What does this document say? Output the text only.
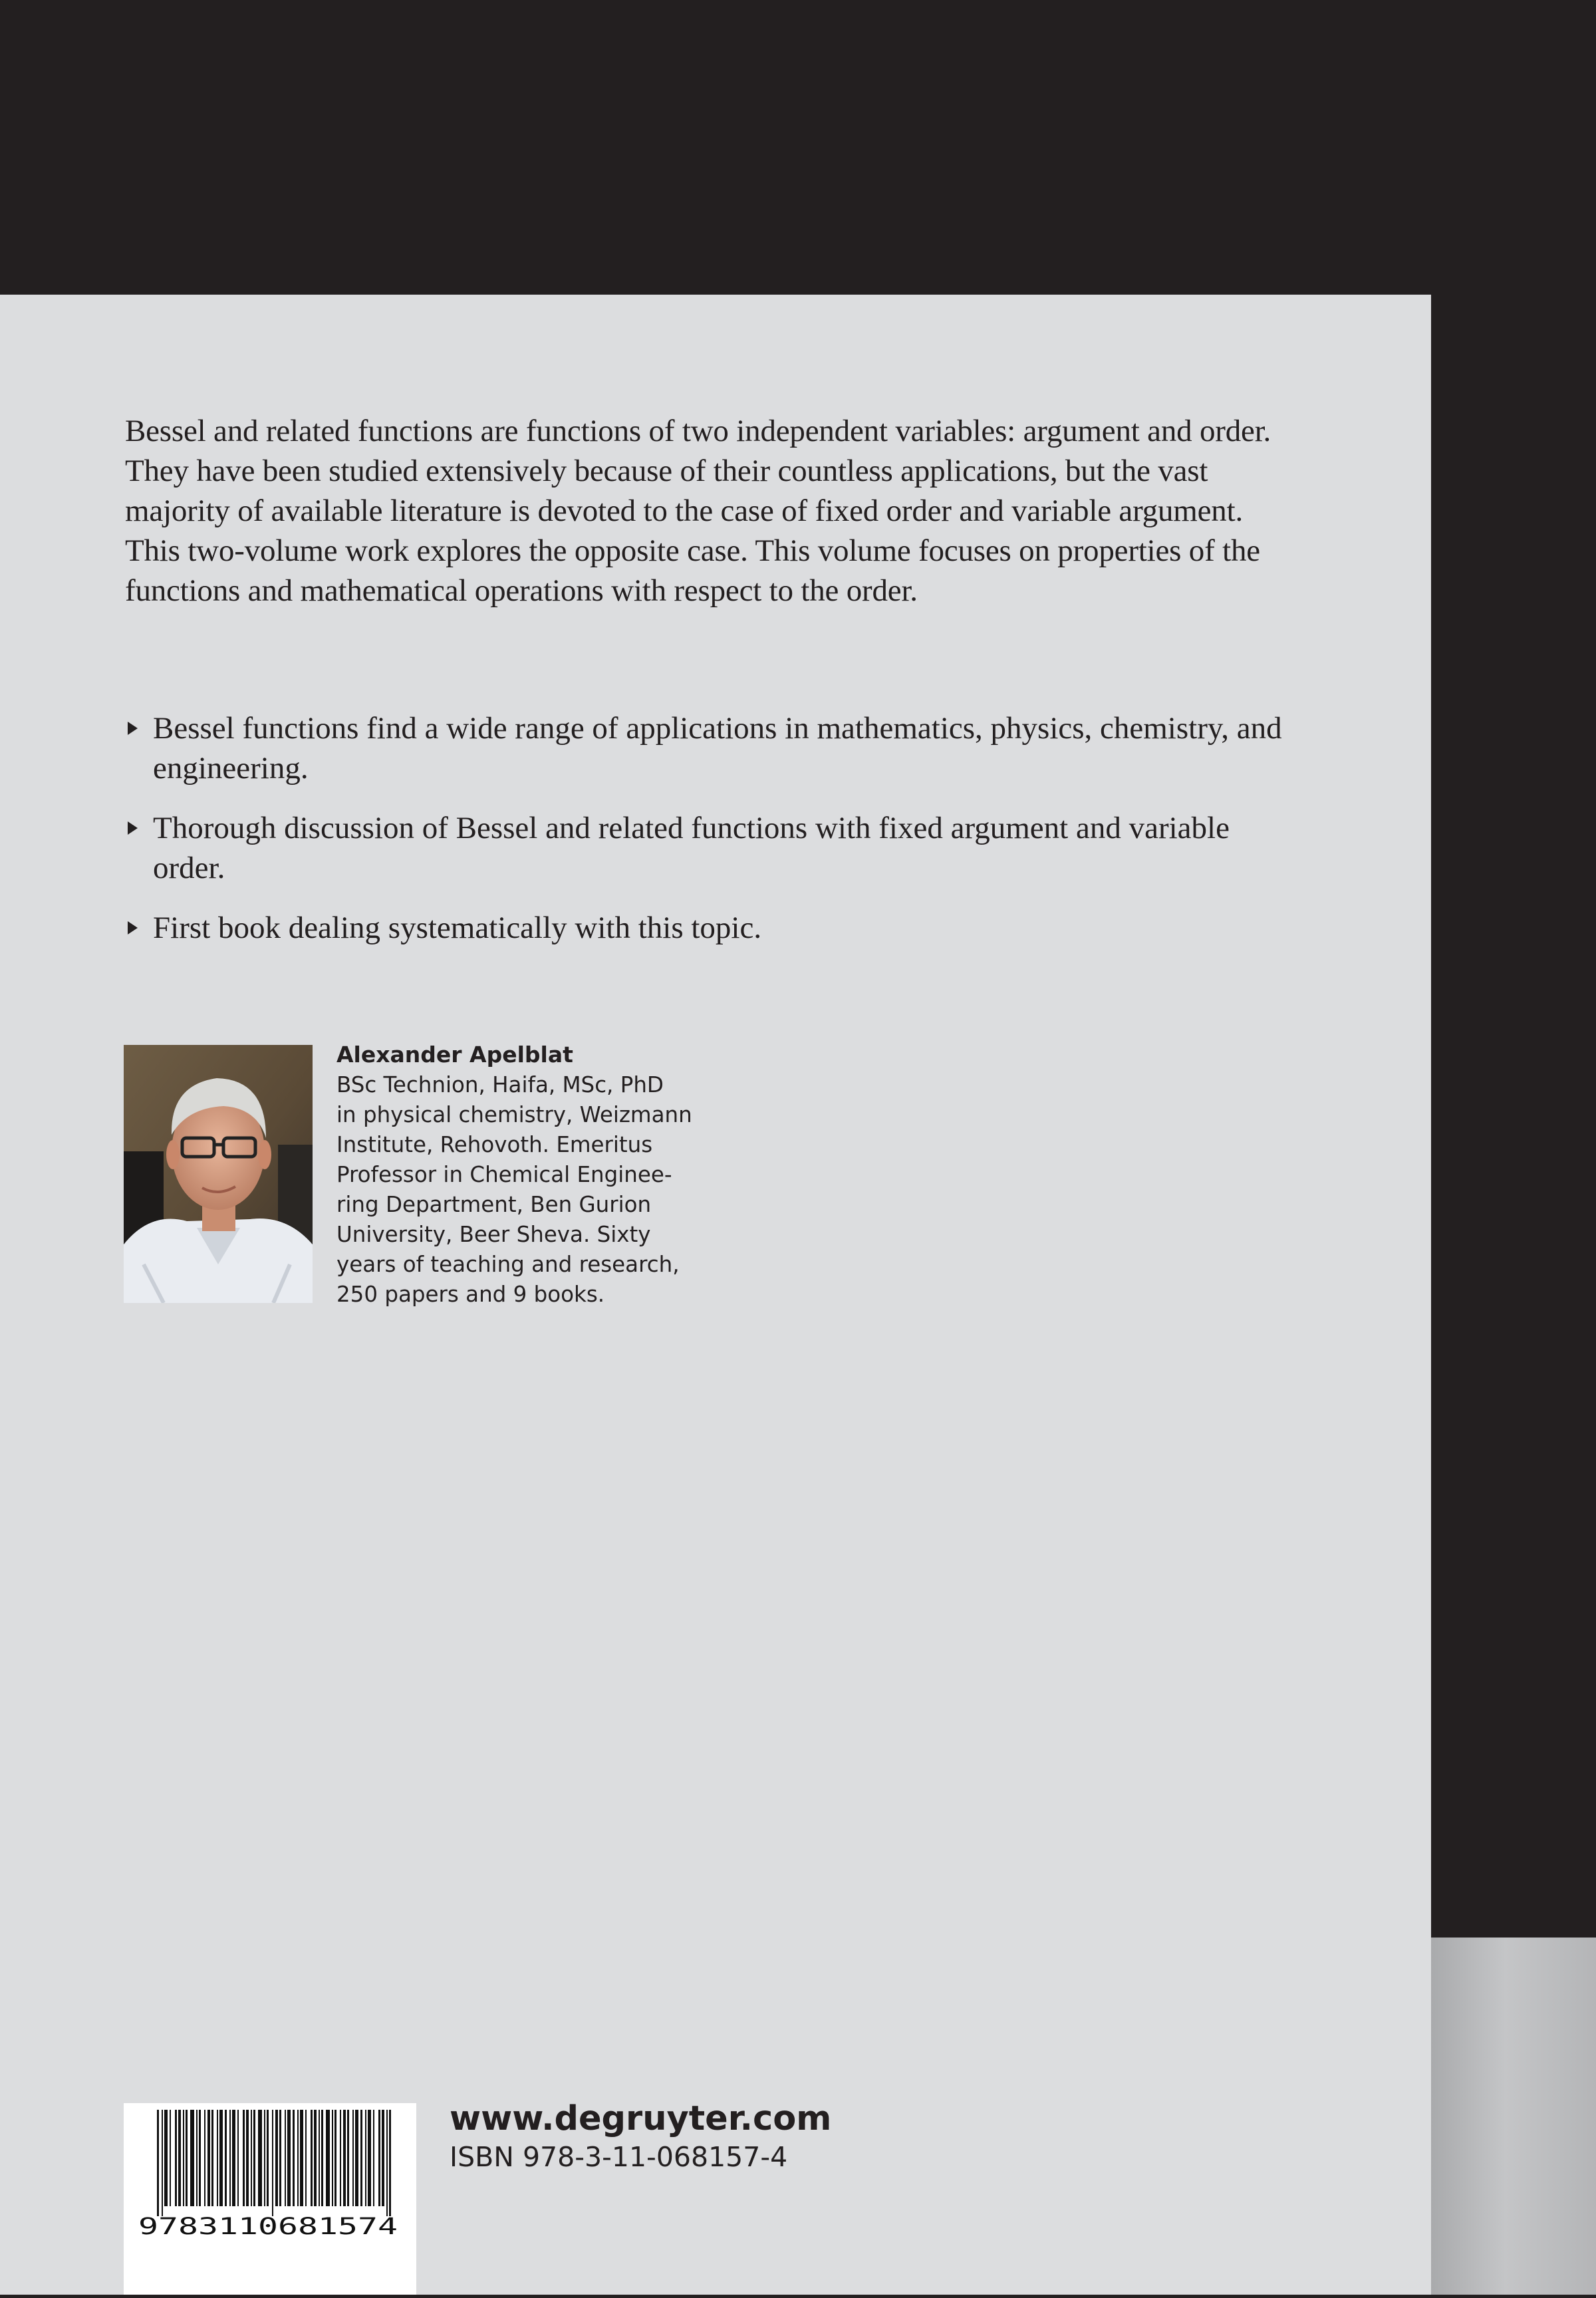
Bessel and related functions are functions of two independent variables: argument and order. They have been studied extensively because of their countless applications, but the vast majority of available literature is devoted to the case of fixed order and variable argument. This two-volume work explores the opposite case. This volume focuses on properties of the functions and mathematical operations with respect to the order.

Bessel functions find a wide range of applications in mathematics, physics, chemistry, and engineering.
Thorough discussion of Bessel and related functions with fixed argument and variable order.
First book dealing systematically with this topic.
Alexander Apelblat

BSc Technion, Haifa, MSc, PhD
in physical chemistry, Weizmann
Institute, Rehovoth. Emeritus
Professor in Chemical Enginee-
ring Department, Ben Gurion
University, Beer Sheva. Sixty
years of teaching and research,
250 papers and 9 books.

9783110681574
www.degruyter.com
ISBN 978-3-11-068157-4
